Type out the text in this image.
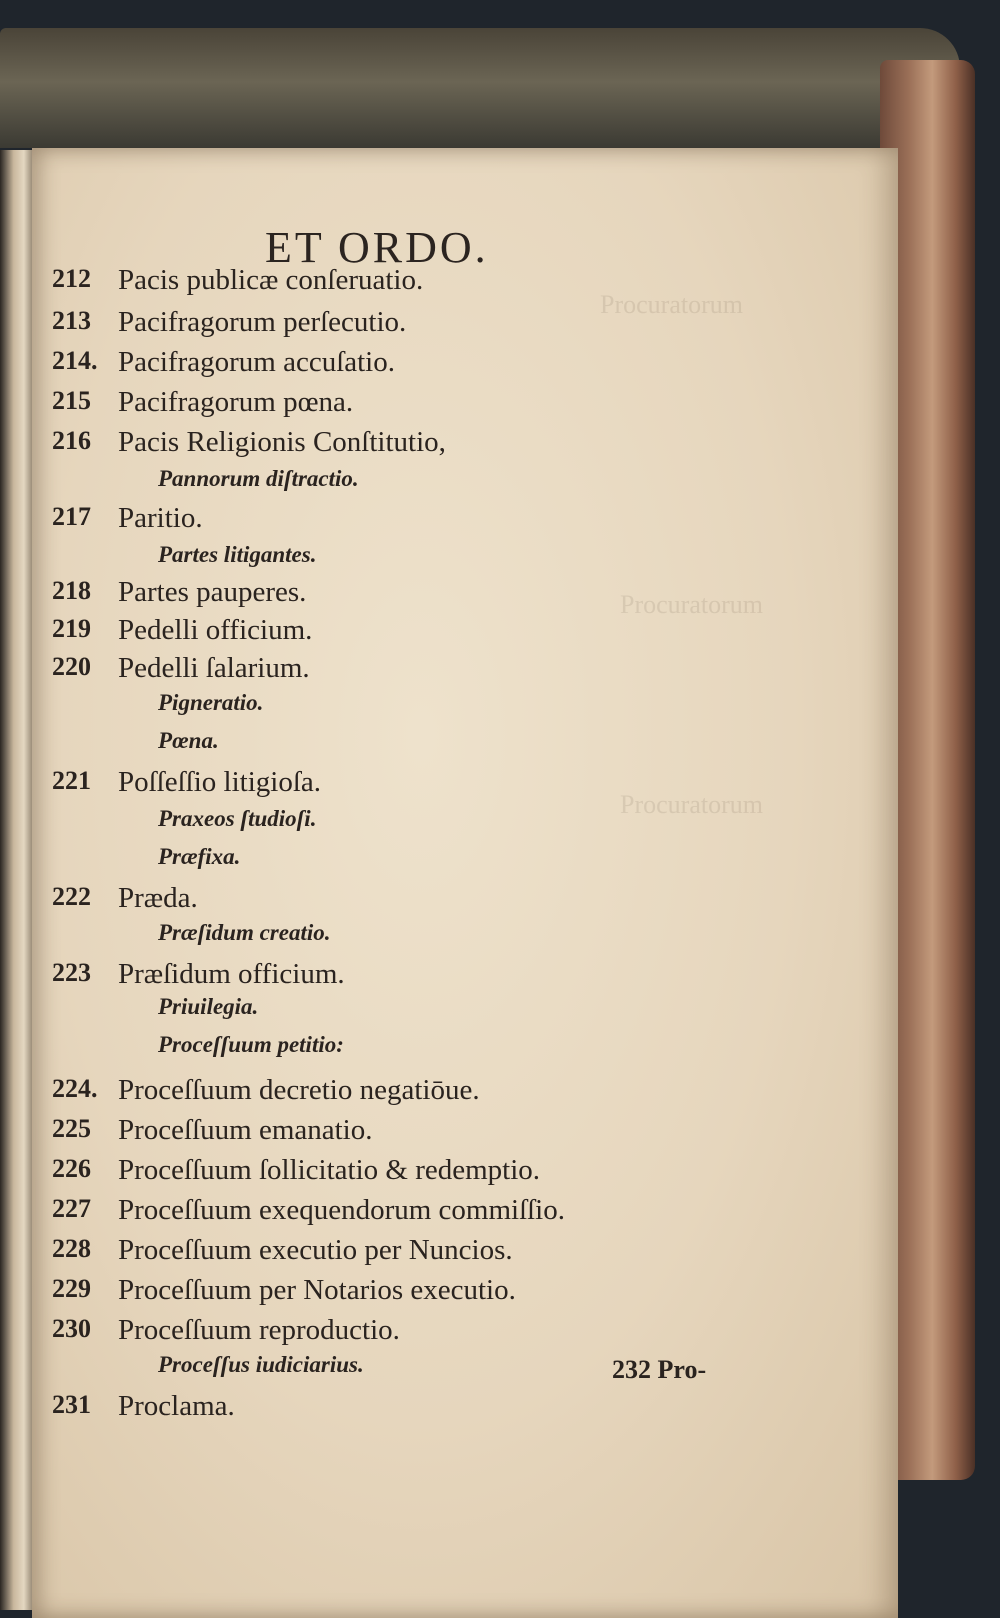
Procuratorum
Procuratorum
Procuratorum
ET ORDO.
212 Pacis publicæ conſeruatio.
213 Pacifragorum perſecutio.
214. Pacifragorum accuſatio.
215 Pacifragorum pœna.
216 Pacis Religionis Conſtitutio,
Pannorum diſtractio.
217 Paritio.
Partes litigantes.
218 Partes pauperes.
219 Pedelli officium.
220 Pedelli ſalarium.
Pigneratio.
Pœna.
221 Poſſeſſio litigioſa.
Praxeos ſtudioſi.
Præfixa.
222 Præda.
Præſidum creatio.
223 Præſidum officium.
Priuilegia.
Proceſſuum petitio:
224. Proceſſuum decretio negatiōue.
225 Proceſſuum emanatio.
226 Proceſſuum ſollicitatio & redemptio.
227 Proceſſuum exequendorum commiſſio.
228 Proceſſuum executio per Nuncios.
229 Proceſſuum per Notarios executio.
230 Proceſſuum reproductio.
Proceſſus iudiciarius.
231 Proclama.
232 Pro-
